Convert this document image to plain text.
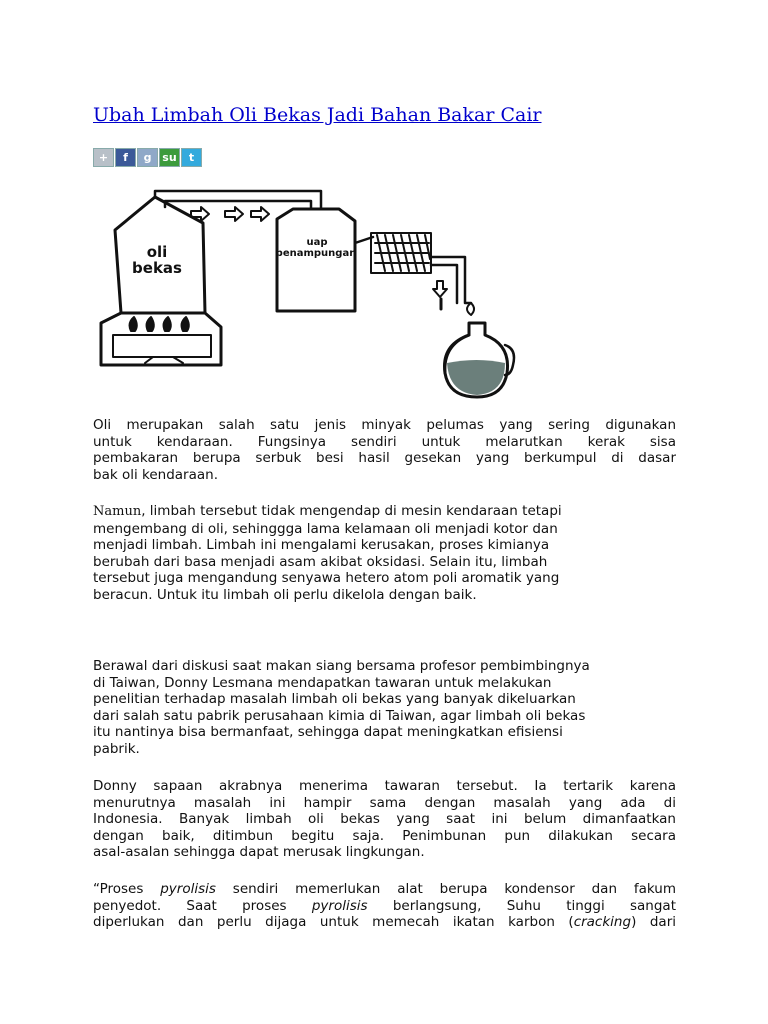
Ubah Limbah Oli Bekas Jadi Bahan Bakar Cair
+	f	g su	t
oli
bekas
uap
penampungan

Oli merupakan salah satu jenis minyak pelumas yang sering digunakan
untuk kendaraan. Fungsinya sendiri untuk melarutkan kerak sisa
pembakaran berupa serbuk besi hasil gesekan yang berkumpul di dasar
bak oli kendaraan.

Namun, limbah tersebut tidak mengendap di mesin kendaraan tetapi
mengembang di oli, sehinggga lama kelamaan oli menjadi kotor dan
menjadi limbah. Limbah ini mengalami kerusakan, proses kimianya
berubah dari basa menjadi asam akibat oksidasi. Selain itu, limbah
tersebut juga mengandung senyawa hetero atom poli aromatik yang
beracun. Untuk itu limbah oli perlu dikelola dengan baik.

Berawal dari diskusi saat makan siang bersama profesor pembimbingnya
di Taiwan, Donny Lesmana mendapatkan tawaran untuk melakukan
penelitian terhadap masalah limbah oli bekas yang banyak dikeluarkan
dari salah satu pabrik perusahaan kimia di Taiwan, agar limbah oli bekas
itu nantinya bisa bermanfaat, sehingga dapat meningkatkan efisiensi
pabrik.

Donny sapaan akrabnya menerima tawaran tersebut. Ia tertarik karena
menurutnya masalah ini hampir sama dengan masalah yang ada di
Indonesia. Banyak limbah oli bekas yang saat ini belum dimanfaatkan
dengan baik, ditimbun begitu saja. Penimbunan pun dilakukan secara
asal-asalan sehingga dapat merusak lingkungan.

“Proses pyrolisis sendiri memerlukan alat berupa kondensor dan fakum
penyedot. Saat proses pyrolisis berlangsung, Suhu tinggi sangat
diperlukan dan perlu dijaga untuk memecah ikatan karbon (cracking) dari
